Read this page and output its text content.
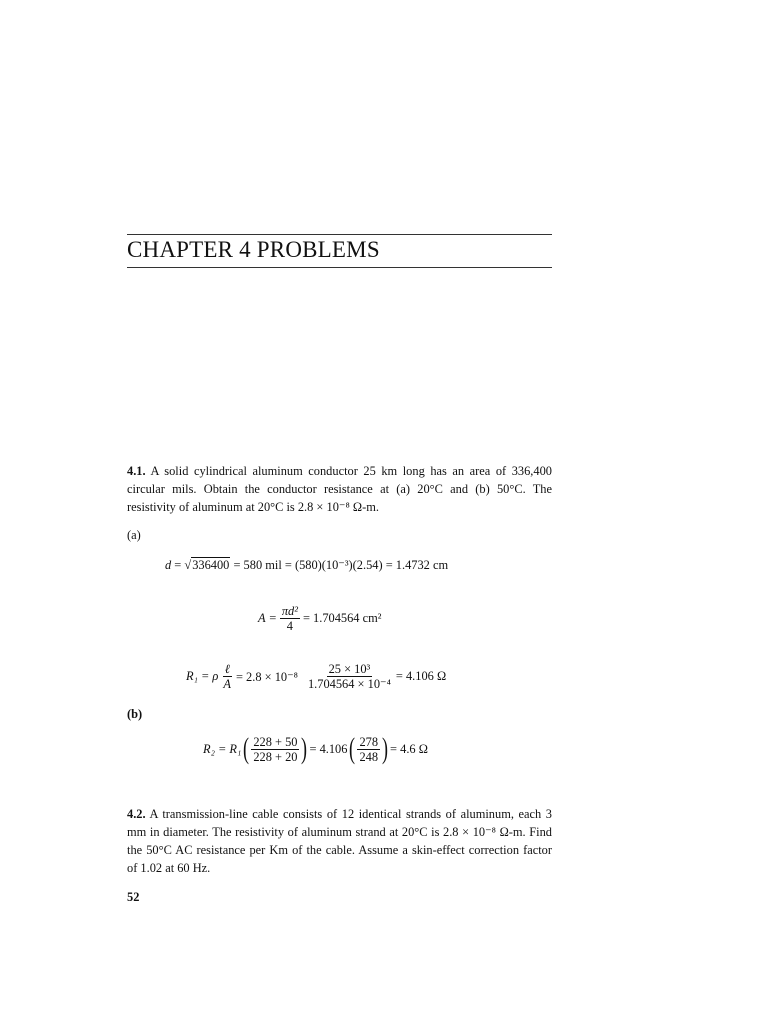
CHAPTER 4 PROBLEMS
4.1. A solid cylindrical aluminum conductor 25 km long has an area of 336,400 circular mils. Obtain the conductor resistance at (a) 20°C and (b) 50°C. The resistivity of aluminum at 20°C is 2.8 × 10⁻⁸ Ω-m.
(a)
d = √ 336400
= 580 mil = (580)(10⁻³)(2.54) = 1.4732 cm
$A = \frac{\text{πd²}}{4} = 1.704564$ cm²
R₁ = ρ $\frac{\text{ℓ}}{A} = 2.8 \times 10^{-8} \frac{\text{25 × 10³}}{\text{1.704564 × 10⁻⁴}} = 4.106$ Ω
(b)
R₂ = R₁ ( $\frac{228 + 50}{228 + 20}$ ) = 4.106 ( $\frac{278}{248}$ ) = 4.6 Ω
4.2. A transmission-line cable consists of 12 identical strands of aluminum, each 3 mm in diameter. The resistivity of aluminum strand at 20°C is 2.8 × 10⁻⁸ Ω-m. Find the 50°C AC resistance per Km of the cable. Assume a skin-effect correction factor of 1.02 at 60 Hz.
52
